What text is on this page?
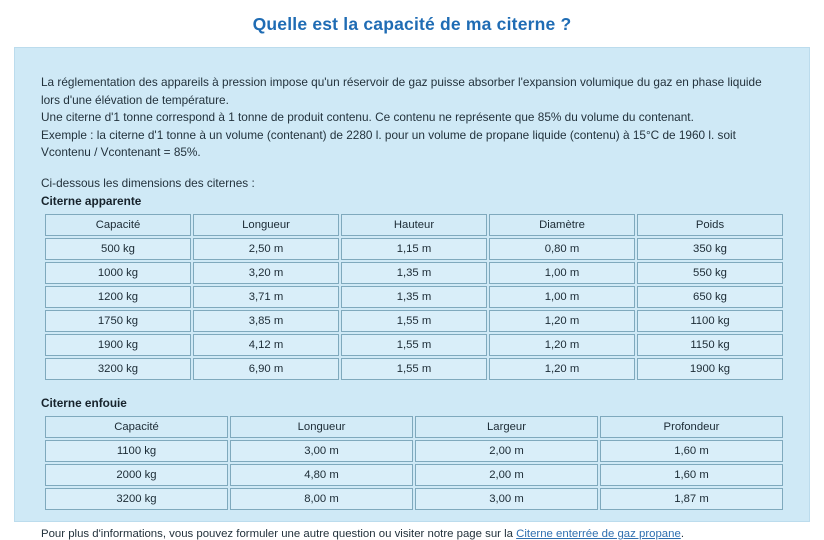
Quelle est la capacité de ma citerne ?

La réglementation des appareils à pression impose qu'un réservoir de gaz puisse absorber l'expansion volumique du gaz en phase liquide

lors d'une élévation de température.

Une citerne d'1 tonne correspond à 1 tonne de produit contenu. Ce contenu ne représente que 85% du volume du contenant.

Exemple : la citerne d'1 tonne à un volume (contenant) de 2280 l. pour un volume de propane liquide (contenu) à 15°C de 1960 l. soit

Vcontenu / Vcontenant = 85%.

Ci-dessous les dimensions des citernes :
Citerne apparente
Capacité	Longueur	Hauteur	Diamètre	Poids
500 kg	2,50 m	1,15 m	0,80 m	350 kg
1000 kg	3,20 m	1,35 m	1,00 m	550 kg
1200 kg	3,71 m	1,35 m	1,00 m	650 kg
1750 kg	3,85 m	1,55 m	1,20 m	1100 kg
1900 kg	4,12 m	1,55 m	1,20 m	1150 kg
3200 kg	6,90 m	1,55 m	1,20 m	1900 kg
Citerne enfouie
Capacité	Longueur	Largeur	Profondeur
1100 kg	3,00 m	2,00 m	1,60 m
2000 kg	4,80 m	2,00 m	1,60 m
3200 kg	8,00 m	3,00 m	1,87 m
Pour plus d'informations, vous pouvez formuler une autre question ou visiter notre page sur la Citerne enterrée de gaz propane.
